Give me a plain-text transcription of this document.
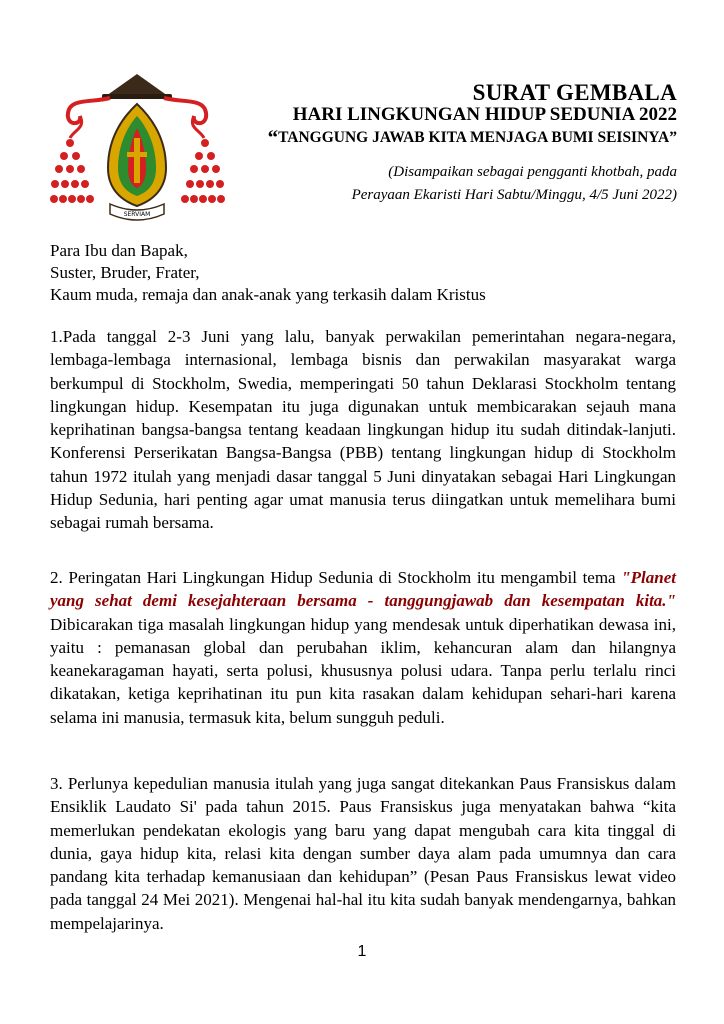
SERVIAM
SURAT GEMBALA
HARI LINGKUNGAN HIDUP SEDUNIA 2022
“TANGGUNG JAWAB KITA MENJAGA BUMI SEISINYA”
(Disampaikan sebagai pengganti khotbah, pada
Perayaan Ekaristi Hari Sabtu/Minggu, 4/5 Juni 2022)
Para Ibu dan Bapak,
Suster, Bruder, Frater,
Kaum muda, remaja dan anak-anak yang terkasih dalam Kristus
1.Pada tanggal 2-3 Juni yang lalu, banyak perwakilan pemerintahan negara-negara, lembaga-lembaga internasional, lembaga bisnis dan perwakilan masyarakat warga berkumpul di Stockholm, Swedia, memperingati 50 tahun Deklarasi Stockholm tentang lingkungan hidup. Kesempatan itu juga digunakan untuk membicarakan sejauh mana keprihatinan bangsa-bangsa tentang keadaan lingkungan hidup itu sudah ditindak-lanjuti. Konferensi Perserikatan Bangsa-Bangsa (PBB) tentang lingkungan hidup di Stockholm tahun 1972 itulah yang menjadi dasar tanggal 5 Juni dinyatakan sebagai Hari Lingkungan Hidup Sedunia, hari penting agar umat manusia terus diingatkan untuk memelihara bumi sebagai rumah bersama.
2. Peringatan Hari Lingkungan Hidup Sedunia di Stockholm itu mengambil tema "Planet yang sehat demi kesejahteraan bersama - tanggungjawab dan kesempatan kita." Dibicarakan tiga masalah lingkungan hidup yang mendesak untuk diperhatikan dewasa ini, yaitu : pemanasan global dan perubahan iklim, kehancuran alam dan hilangnya keanekaragaman hayati, serta polusi, khususnya polusi udara. Tanpa perlu terlalu rinci dikatakan, ketiga keprihatinan itu pun kita rasakan dalam kehidupan sehari-hari karena selama ini manusia, termasuk kita, belum sungguh peduli.
3. Perlunya kepedulian manusia itulah yang juga sangat ditekankan Paus Fransiskus dalam Ensiklik Laudato Si' pada tahun 2015. Paus Fransiskus juga menyatakan bahwa “kita memerlukan pendekatan ekologis yang baru yang dapat mengubah cara kita tinggal di dunia, gaya hidup kita, relasi kita dengan sumber daya alam pada umumnya dan cara pandang kita terhadap kemanusiaan dan kehidupan” (Pesan Paus Fransiskus lewat video pada tanggal 24 Mei 2021). Mengenai hal-hal itu kita sudah banyak mendengarnya, bahkan mempelajarinya.
1
